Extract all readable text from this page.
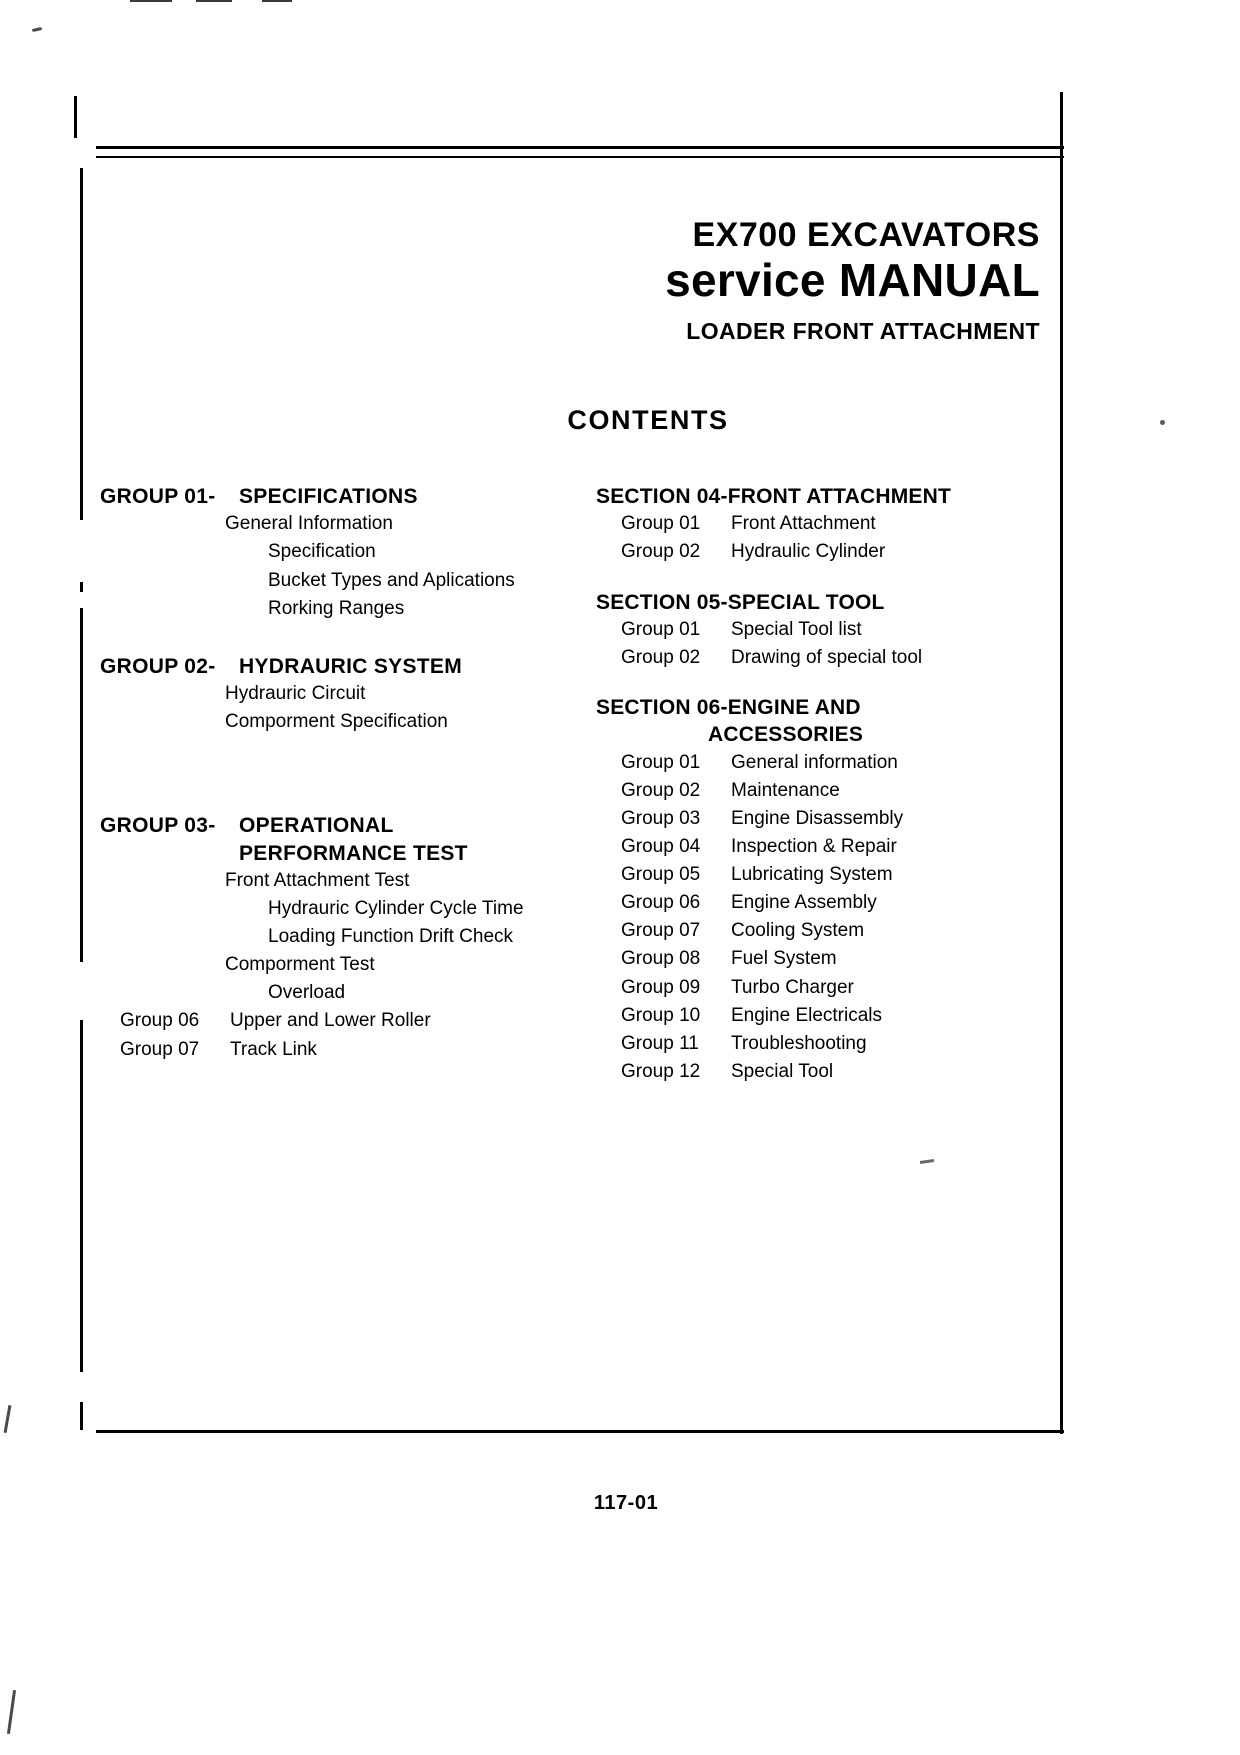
EX700 EXCAVATORS
service MANUAL
LOADER FRONT ATTACHMENT
CONTENTS
GROUP 01-	SPECIFICATIONS
General Information
Specification
Bucket Types and Aplications
Rorking Ranges
GROUP 02-	HYDRAURIC SYSTEM
Hydrauric Circuit
Comporment Specification
GROUP 03-	OPERATIONAL
PERFORMANCE TEST
Front Attachment Test
Hydrauric Cylinder Cycle Time
Loading Function Drift Check
Comporment Test
Overload
Group 06	Upper and Lower Roller
Group 07	Track Link
SECTION 04-FRONT ATTACHMENT
Group 01	Front Attachment
Group 02	Hydraulic Cylinder
SECTION 05-SPECIAL TOOL
Group 01	Special Tool list
Group 02	Drawing of special tool
SECTION 06-ENGINE AND
ACCESSORIES
Group 01	General information
Group 02	Maintenance
Group 03	Engine Disassembly
Group 04	Inspection & Repair
Group 05	Lubricating System
Group 06	Engine Assembly
Group 07	Cooling System
Group 08	Fuel System
Group 09	Turbo Charger
Group 10	Engine Electricals
Group 11	Troubleshooting
Group 12	Special Tool
117-01
